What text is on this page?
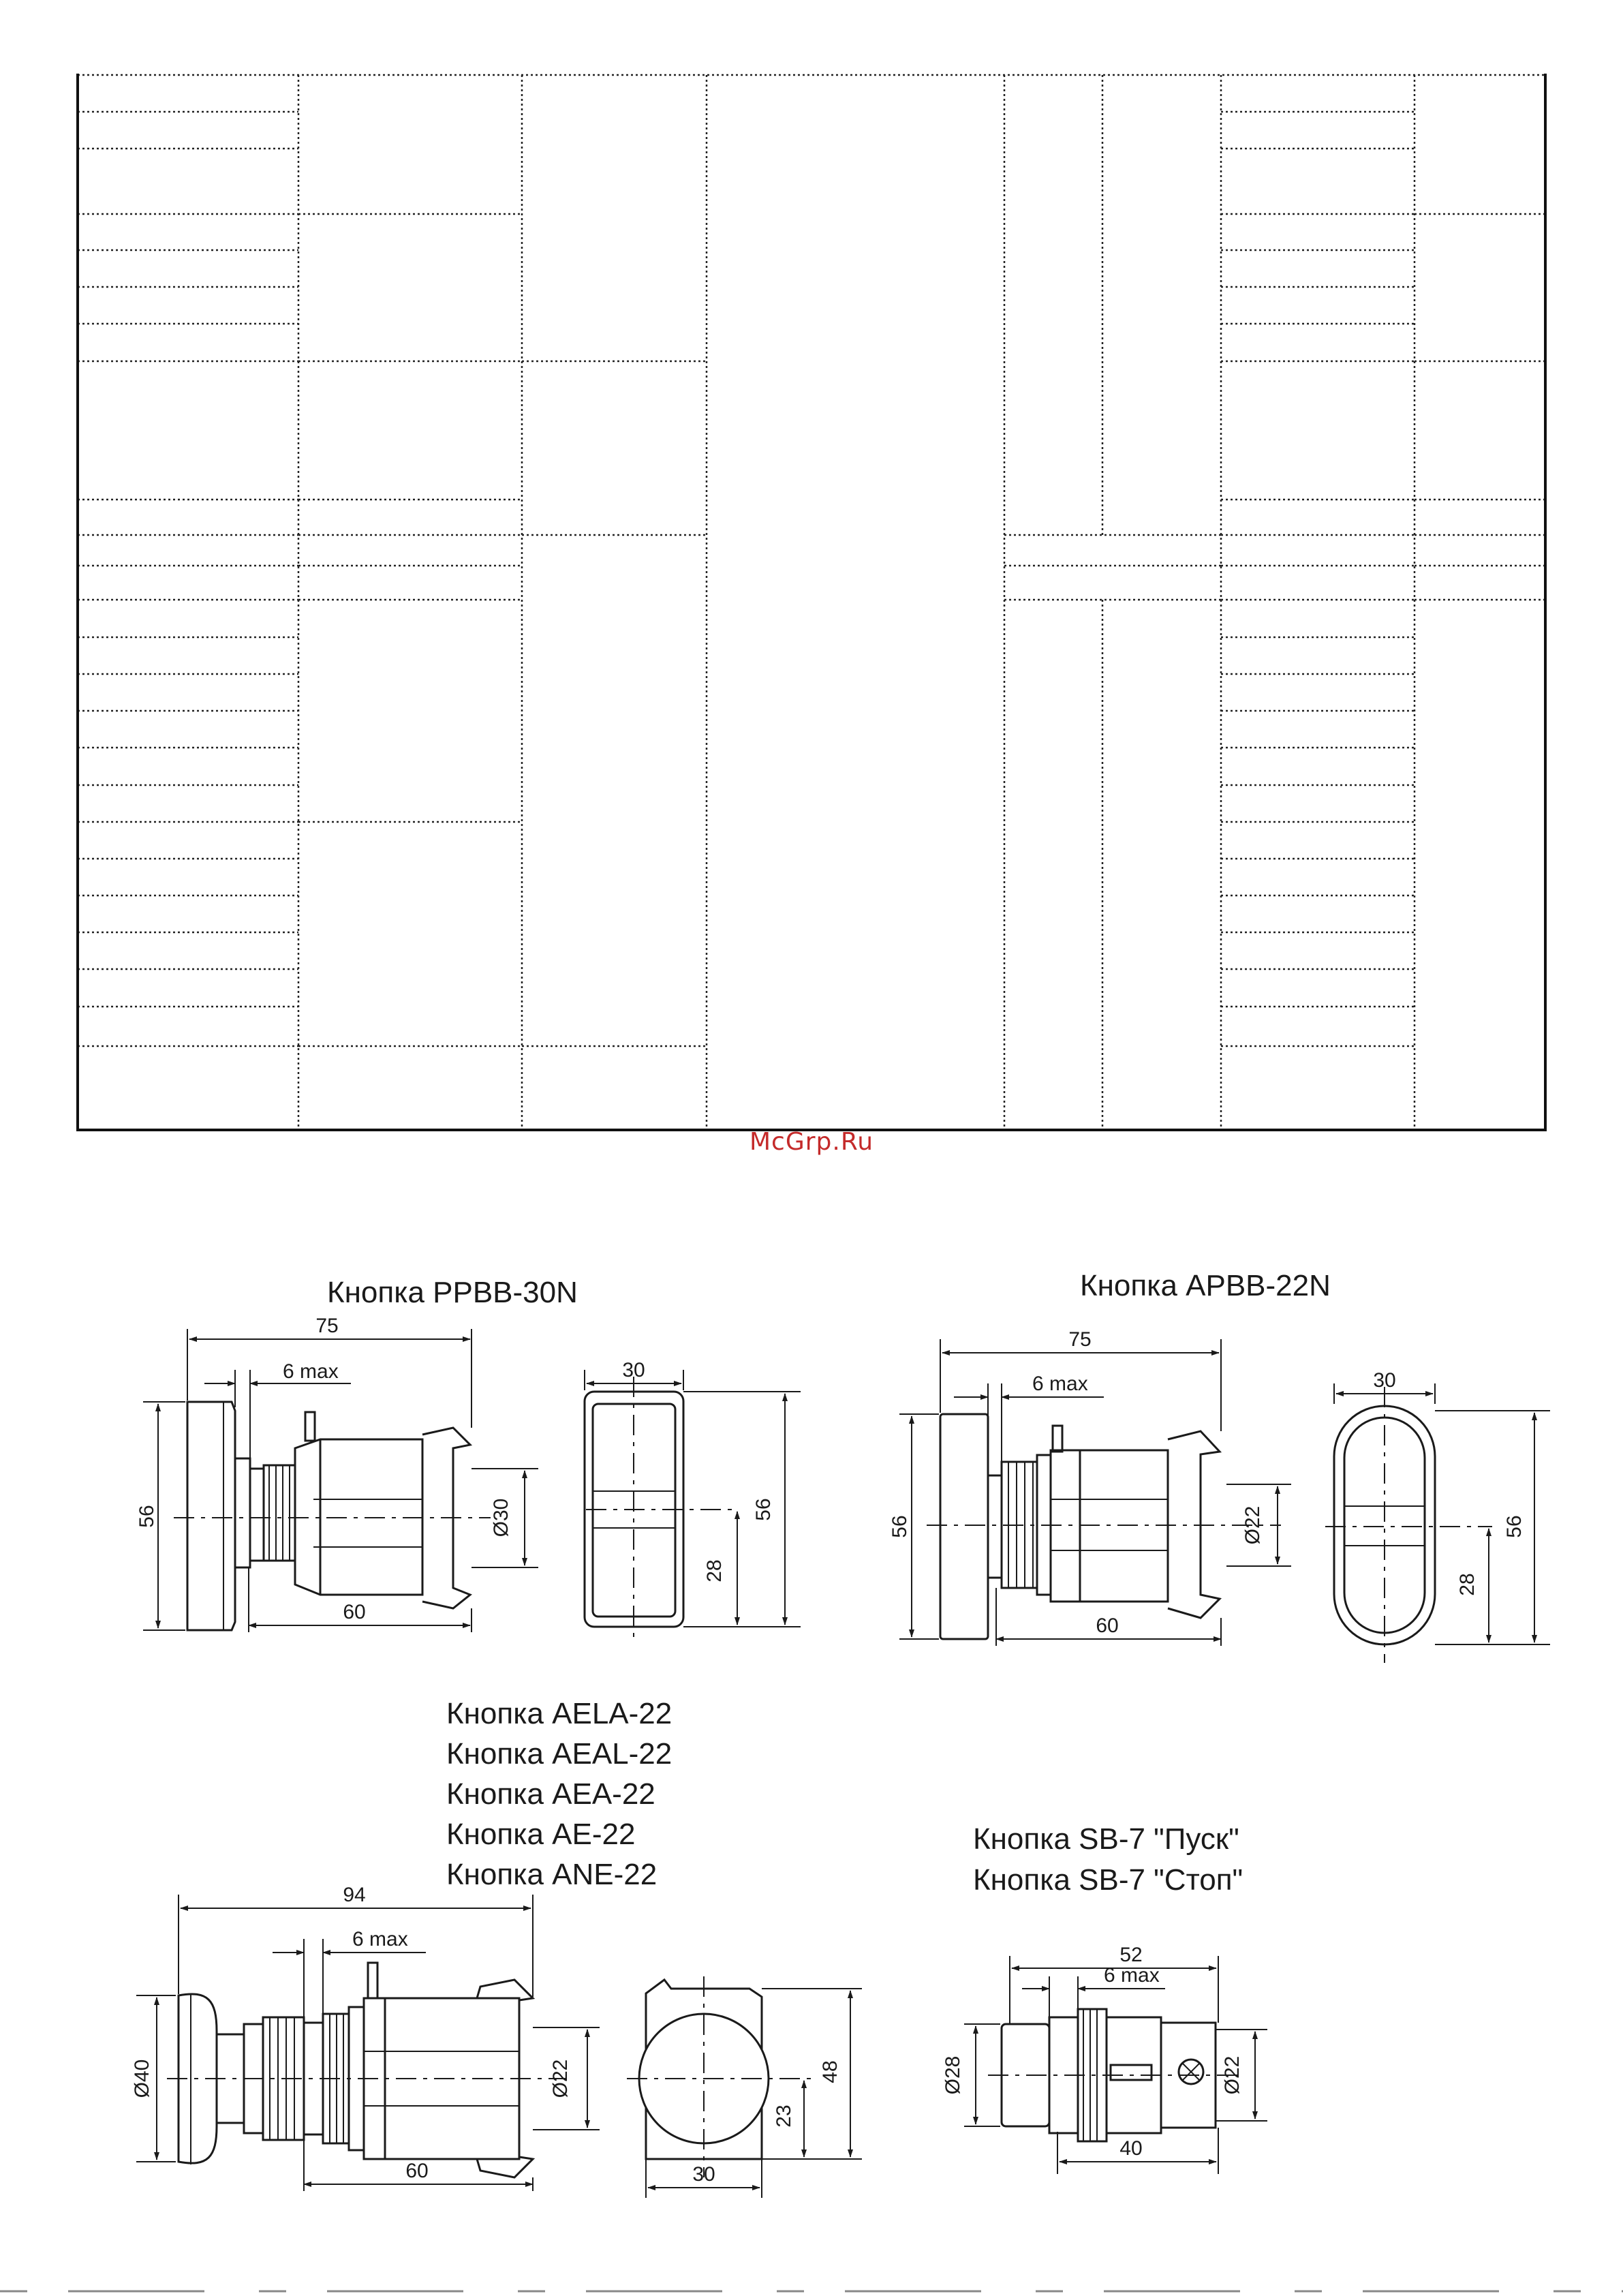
McGrp.Ru
Кнопка PPBB-30N	Кнопка APBB-22N
Кнопка AELA-22
Кнопка AEAL-22
Кнопка AEA-22
Кнопка AE-22
Кнопка ANE-22
Кнопка SB-7 "Пуск"
Кнопка SB-7 "Стоп"
75
6 max
56
60
Ø30
30
56
28
75
6 max
56
60
Ø22
30
56
28
94
6 max
Ø40
60
Ø22	48
23
30
52
6 max
Ø28
40
Ø22
